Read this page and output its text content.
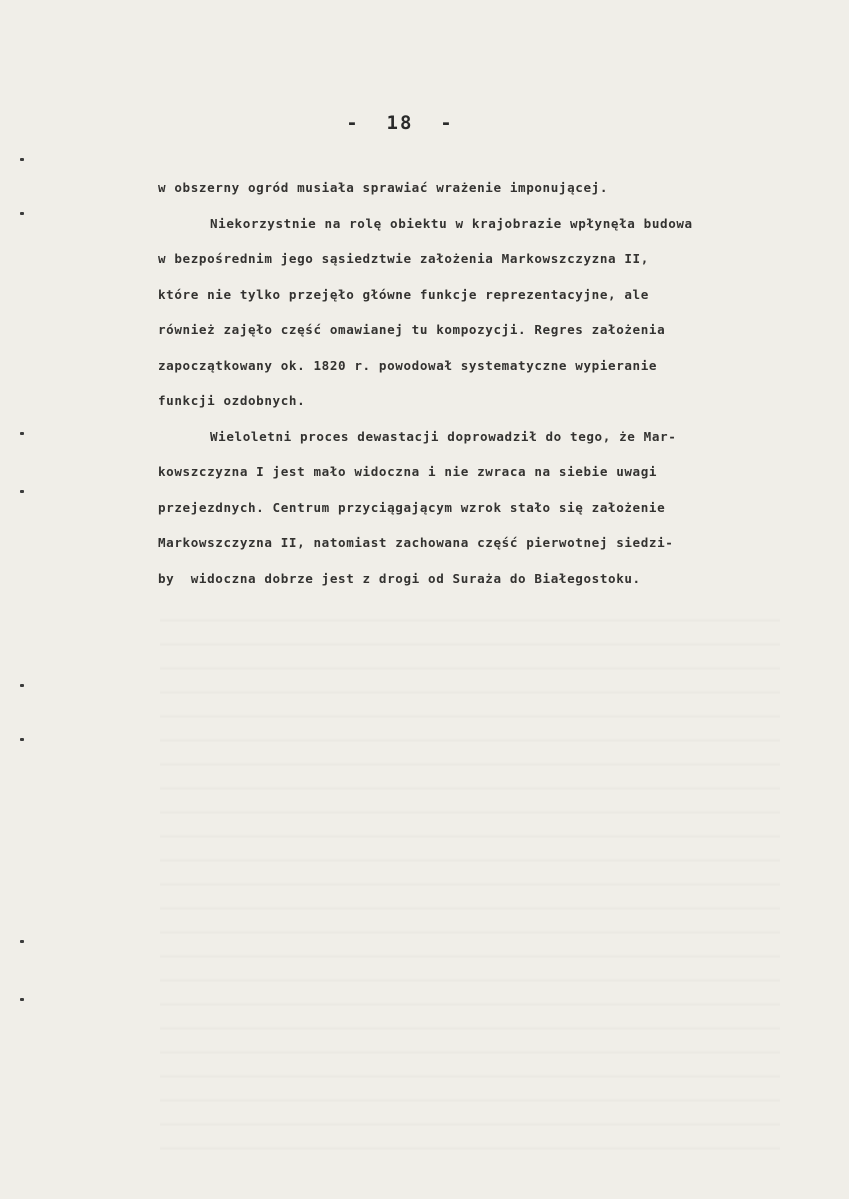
-  18  -
w obszerny ogród musiała sprawiać wrażenie imponującej.
Niekorzystnie na rolę obiektu w krajobrazie wpłynęła budowa
w bezpośrednim jego sąsiedztwie założenia Markowszczyzna II,
które nie tylko przejęło główne funkcje reprezentacyjne, ale
również zajęło część omawianej tu kompozycji. Regres założenia
zapoczątkowany ok. 1820 r. powodował systematyczne wypieranie
funkcji ozdobnych.
Wieloletni proces dewastacji doprowadził do tego, że Mar-
kowszczyzna I jest mało widoczna i nie zwraca na siebie uwagi
przejezdnych. Centrum przyciągającym wzrok stało się założenie
Markowszczyzna II, natomiast zachowana część pierwotnej siedzi-
by  widoczna dobrze jest z drogi od Suraża do Białegostoku.
